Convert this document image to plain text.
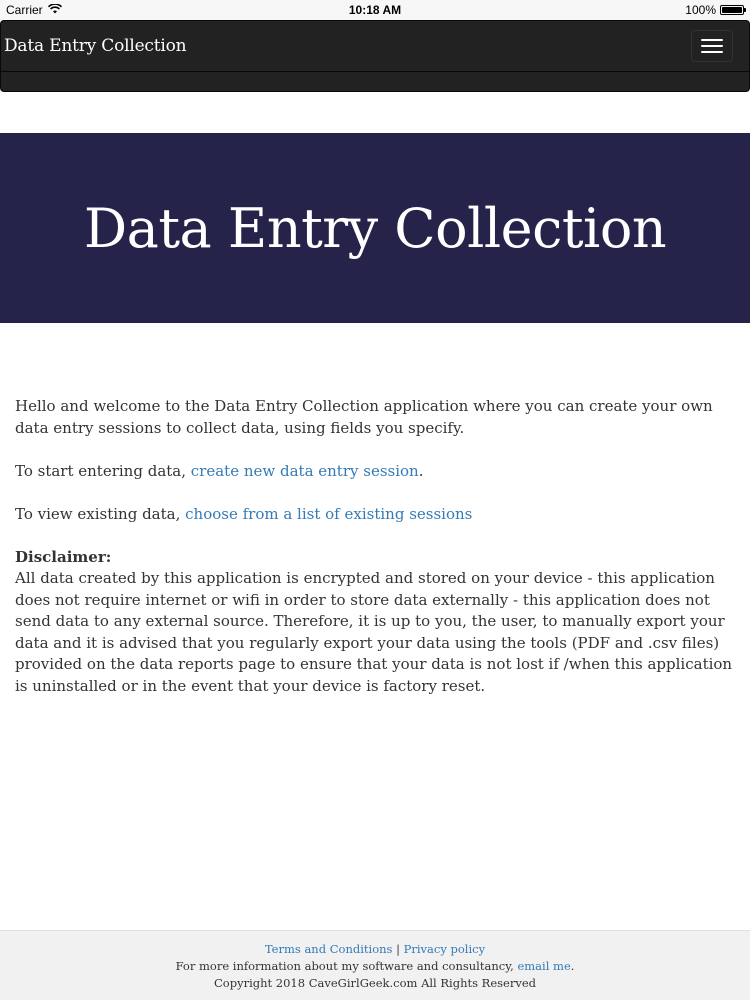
Carrier	10:18 AM	100%
Data Entry Collection
Data Entry Collection

Hello and welcome to the Data Entry Collection application where you can create your own data entry sessions to collect data, using fields you specify.

To start entering data, create new data entry session.

To view existing data, choose from a list of existing sessions

Disclaimer:

All data created by this application is encrypted and stored on your device - this application does not require internet or wifi in order to store data externally - this application does not send data to any external source. Therefore, it is up to you, the user, to manually export your data and it is advised that you regularly export your data using the tools (PDF and .csv files) provided on the data reports page to ensure that your data is not lost if /when this application is uninstalled or in the event that your device is factory reset.

Terms and Conditions | Privacy policy
For more information about my software and consultancy, email me.
Copyright 2018 CaveGirlGeek.com All Rights Reserved
